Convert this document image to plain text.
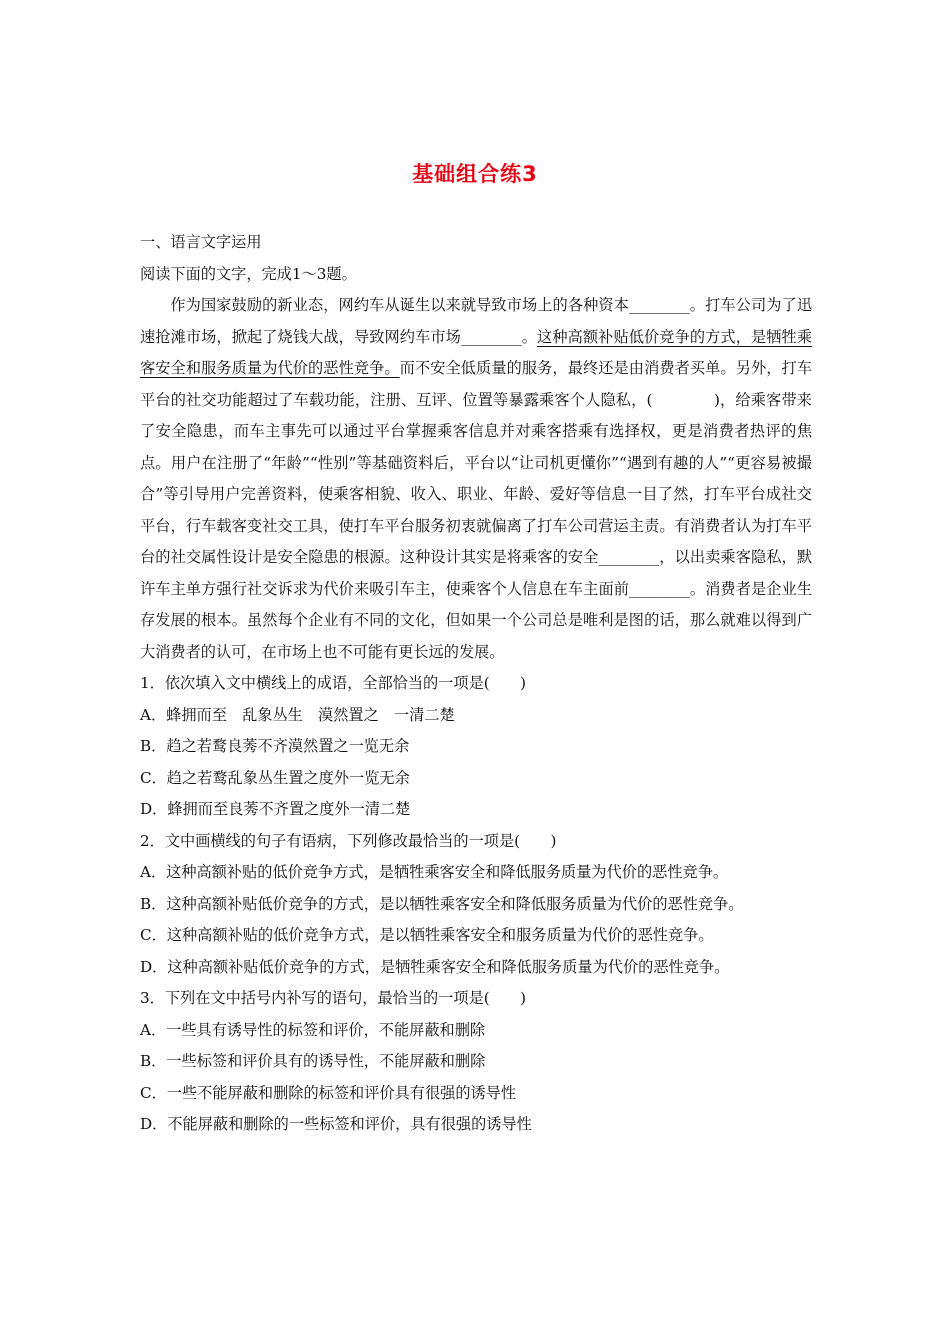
基础组合练3
一、语言文字运用
阅读下面的文字，完成1～3题。
作为国家鼓励的新业态，网约车从诞生以来就导致市场上的各种资本________。打车公司为了迅速抢滩市场，掀起了烧钱大战，导致网约车市场________。这种高额补贴低价竞争的方式，是牺牲乘客安全和服务质量为代价的恶性竞争。而不安全低质量的服务，最终还是由消费者买单。另外，打车平台的社交功能超过了车载功能，注册、互评、位置等暴露乘客个人隐私，(　　　　)，给乘客带来了安全隐患，而车主事先可以通过平台掌握乘客信息并对乘客搭乘有选择权，更是消费者热评的焦点。用户在注册了“年龄”“性别”等基础资料后，平台以“让司机更懂你”“遇到有趣的人”“更容易被撮合”等引导用户完善资料，使乘客相貌、收入、职业、年龄、爱好等信息一目了然，打车平台成社交平台，行车载客变社交工具，使打车平台服务初衷就偏离了打车公司营运主责。有消费者认为打车平台的社交属性设计是安全隐患的根源。这种设计其实是将乘客的安全________，以出卖乘客隐私，默许车主单方强行社交诉求为代价来吸引车主，使乘客个人信息在车主面前________。消费者是企业生存发展的根本。虽然每个企业有不同的文化，但如果一个公司总是唯利是图的话，那么就难以得到广大消费者的认可，在市场上也不可能有更长远的发展。
1．依次填入文中横线上的成语，全部恰当的一项是(　　)
A．蜂拥而至　乱象丛生　漠然置之　一清二楚
B．趋之若鹜良莠不齐漠然置之一览无余
C．趋之若鹜乱象丛生置之度外一览无余
D．蜂拥而至良莠不齐置之度外一清二楚
2．文中画横线的句子有语病，下列修改最恰当的一项是(　　)
A．这种高额补贴的低价竞争方式，是牺牲乘客安全和降低服务质量为代价的恶性竞争。
B．这种高额补贴低价竞争的方式，是以牺牲乘客安全和降低服务质量为代价的恶性竞争。
C．这种高额补贴的低价竞争方式，是以牺牲乘客安全和服务质量为代价的恶性竞争。
D．这种高额补贴低价竞争的方式，是牺牲乘客安全和降低服务质量为代价的恶性竞争。
3．下列在文中括号内补写的语句，最恰当的一项是(　　)
A．一些具有诱导性的标签和评价，不能屏蔽和删除
B．一些标签和评价具有的诱导性，不能屏蔽和删除
C．一些不能屏蔽和删除的标签和评价具有很强的诱导性
D．不能屏蔽和删除的一些标签和评价，具有很强的诱导性
